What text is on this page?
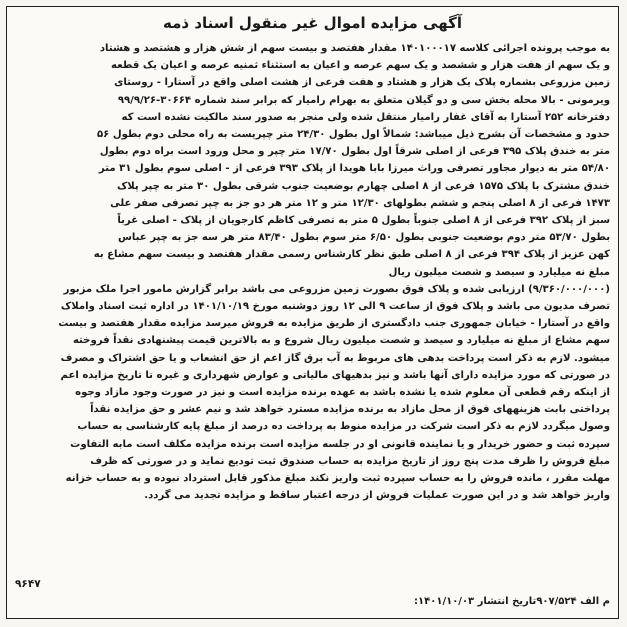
آگهی مزایده اموال غیر منقول اسناد ذمه
به موجب پرونده اجرائی کلاسه ۱۴۰۱۰۰۰۱۷ مقدار هفتصد و بیست سهم از شش هزار و هشتصد و هشتاد
و یک سهم از هفت هزار و ششصد و یک سهم عرصه و اعیان به استثناء ثمنیه عرصه و اعیان یک قطعه
زمین مزروعی بشماره پلاک یک هزار و هشتاد و هفت فرعی از هشت اصلی واقع در آستارا - روستای
ویرمونی - بالا محله بخش سی و دو گیلان متعلق به بهرام رامیار که برابر سند شماره ۳۰۶۶۴-۹۹/۹/۲۶
دفترخانه ۲۵۲ آستارا به آقای غفار رامیار منتقل شده ولی منجر به صدور سند مالکیت نشده است که
حدود و مشخصات آن بشرح ذیل میباشد: شمالاً اول بطول ۲۴/۳۰ متر چپریست به راه محلی دوم بطول ۵۶
متر به خندق پلاک ۳۹۵ فرعی از اصلی شرقاً اول بطول ۱۷/۷۰ متر چپر و محل ورود است براه دوم بطول
۵۴/۸۰ متر به دیوار مجاور تصرفی وراث میرزا بابا هویدا از پلاک ۳۹۳ فرعی از - اصلی سوم بطول ۳۱ متر
خندق مشترک با پلاک ۱۵۷۵ فرعی از ۸ اصلی چهارم بوضعیت جنوب شرقی بطول ۳۰ متر به چپر پلاک
۱۴۷۳ فرعی از ۸ اصلی پنجم و ششم بطولهای ۱۲/۳۰ متر و ۱۲ متر هر دو جز به چپر تصرفی صفر علی
سبز از پلاک ۳۹۲ فرعی از ۸ اصلی جنوباً بطول ۵ متر به تصرفی کاظم کارجویان از پلاک - اصلی غرباً
بطول ۵۳/۷۰ متر دوم بوضعیت جنوبی بطول ۶/۵۰ متر سوم بطول ۸۳/۴۰ متر هر سه جز به چپر عباس
کهن عزیز از پلاک ۳۹۴ فرعی از ۸ اصلی طبق نظر کارشناس رسمی مقدار هفتصد و بیست سهم مشاع به
مبلغ نه میلیارد و سیصد و شصت میلیون ریال
(۹/۳۶۰/۰۰۰/۰۰۰) ارزیابی شده و پلاک فوق بصورت زمین مزروعی می باشد برابر گزارش مامور اجرا ملک مزبور
تصرف مدیون می باشد و پلاک فوق از ساعت ۹ الی ۱۲ روز دوشنبه مورخ ۱۴۰۱/۱۰/۱۹ در اداره ثبت اسناد واملاک
واقع در آستارا - خیابان جمهوری جنب دادگستری از طریق مزایده به فروش میرسد مزایده مقدار هفتصد و بیست
سهم مشاع از مبلغ نه میلیارد و سیصد و شصت میلیون ریال شروع و به بالاترین قیمت پیشنهادی نقداً فروخته
میشود. لازم به ذکر است پرداخت بدهی های مربوط به آب برق گاز اعم از حق انشعاب و یا حق اشتراک و مصرف
در صورتی که مورد مزایده دارای آنها باشد و نیز بدهیهای مالیاتی و عوارض شهرداری و غیره تا تاریخ مزایده اعم
از اینکه رقم قطعی آن معلوم شده یا نشده باشد به عهده برنده مزایده است و نیز در صورت وجود مازاد وجوه
پرداختی بابت هزینههای فوق از محل مازاد به برنده مزایده مسترد خواهد شد و نیم عشر و حق مزایده نقداً
وصول میگردد لازم به ذکر است شرکت در مزایده منوط به پرداخت ده درصد از مبلغ پایه کارشناسی به حساب
سپرده ثبت و حضور خریدار و یا نماینده قانونی او در جلسه مزایده است برنده مزایده مکلف است مابه التفاوت
مبلغ فروش را ظرف مدت پنج روز از تاریخ مزایده به حساب صندوق ثبت تودیع نماید و در صورتی که ظرف
مهلت مقرر ، مانده فروش را به حساب سپرده ثبت واریز نکند مبلغ مذکور قابل استرداد نبوده و به حساب خزانه
واریز خواهد شد و در این صورت عملیات فروش از درجه اعتبار ساقط و مزایده تجدید می گردد.
۹۶۴۷
م الف ۹۰۷/۵۲۴تاریخ انتشار ۱۴۰۱/۱۰/۰۳:
